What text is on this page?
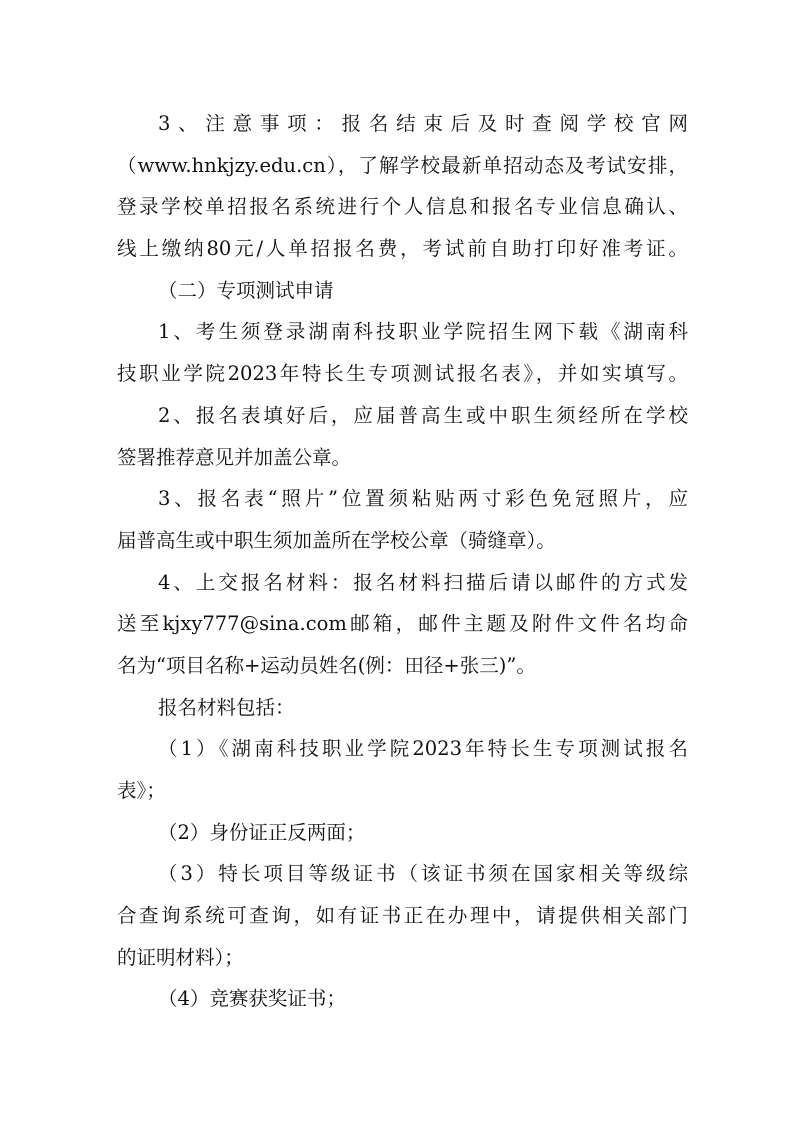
3、注意事项：报名结束后及时查阅学校官网
（www.hnkjzy.edu.cn），了解学校最新单招动态及考试安排，
登录学校单招报名系统进行个人信息和报名专业信息确认、
线上缴纳80元/人单招报名费，考试前自助打印好准考证。
（二）专项测试申请
1、考生须登录湖南科技职业学院招生网下载《湖南科
技职业学院2023年特长生专项测试报名表》，并如实填写。
2、报名表填好后，应届普高生或中职生须经所在学校
签署推荐意见并加盖公章。
3、报名表“照片”位置须粘贴两寸彩色免冠照片，应
届普高生或中职生须加盖所在学校公章（骑缝章）。
4、上交报名材料：报名材料扫描后请以邮件的方式发
送至kjxy777@sina.com邮箱，邮件主题及附件文件名均命
名为“项目名称+运动员姓名(例：田径+张三)”。
报名材料包括：
（1）《湖南科技职业学院2023年特长生专项测试报名
表》；
（2）身份证正反两面；
（3）特长项目等级证书（该证书须在国家相关等级综
合查询系统可查询，如有证书正在办理中，请提供相关部门
的证明材料）；
（4）竞赛获奖证书；
